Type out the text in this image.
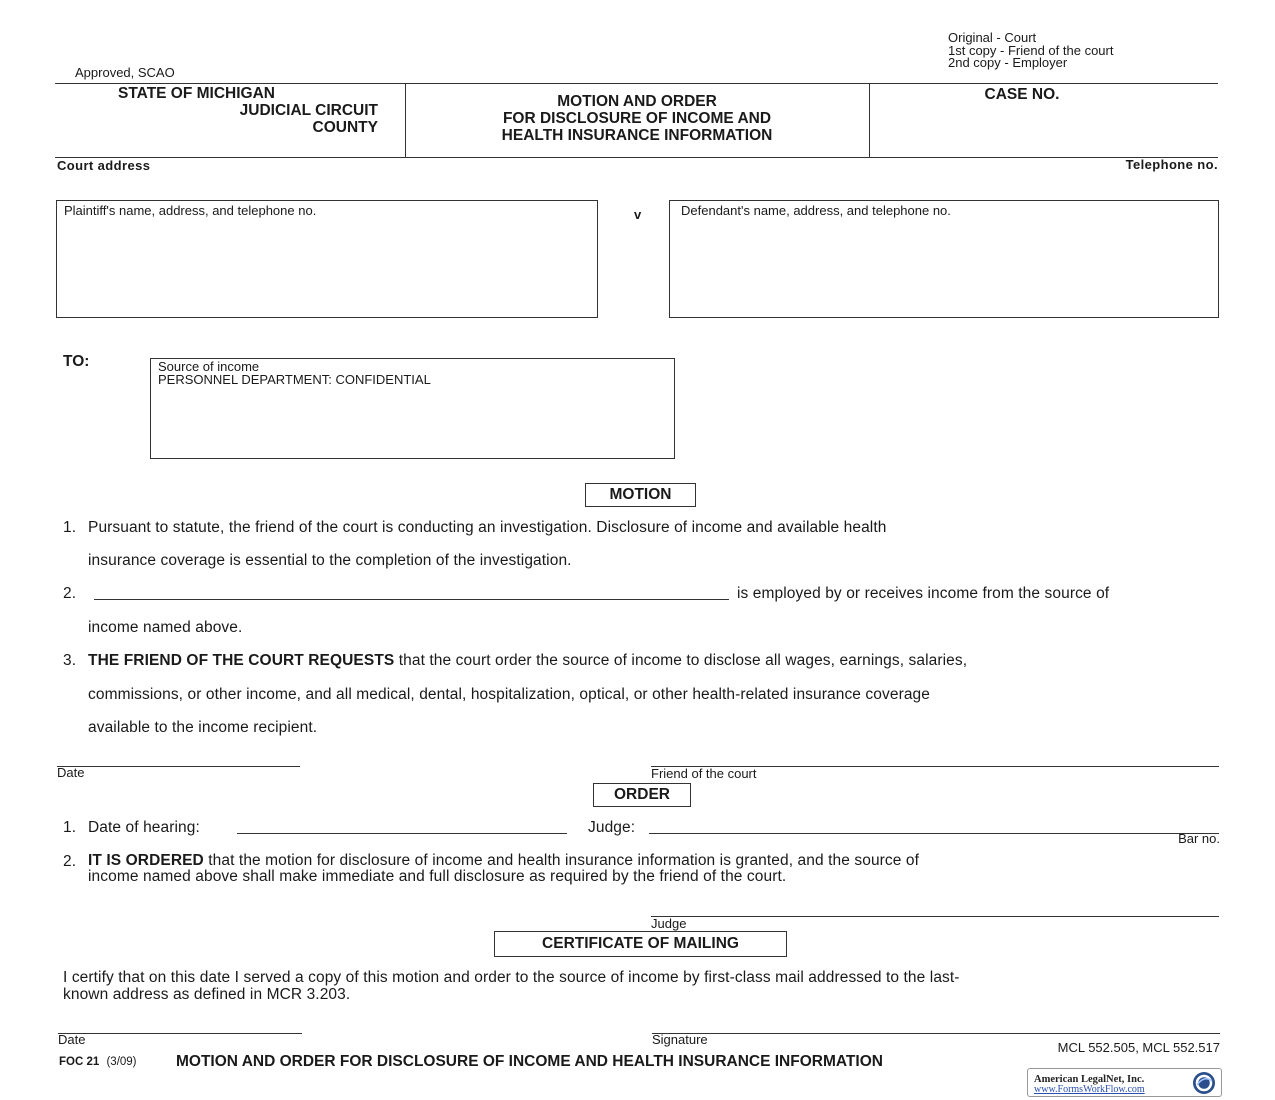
Approved, SCAO
Original - Court
1st copy - Friend of the court
2nd copy - Employer
STATE OF MICHIGAN
JUDICIAL CIRCUIT
COUNTY
MOTION AND ORDER
FOR DISCLOSURE OF INCOME AND
HEALTH INSURANCE INFORMATION
CASE NO.
Court address	Telephone no.
Plaintiff's name, address, and telephone no.	v	Defendant's name, address, and telephone no.
TO:	Source of income
PERSONNEL DEPARTMENT: CONFIDENTIAL
MOTION
1. Pursuant to statute, the friend of the court is conducting an investigation. Disclosure of income and available health
insurance coverage is essential to the completion of the investigation.
2.	is employed by or receives income from the source of
income named above.
3. THE FRIEND OF THE COURT REQUESTS that the court order the source of income to disclose all wages, earnings, salaries,
commissions, or other income, and all medical, dental, hospitalization, optical, or other health-related insurance coverage
available to the income recipient.
Date	Friend of the court
ORDER
1. Date of hearing:	Judge:
Bar no.
2. IT IS ORDERED that the motion for disclosure of income and health insurance information is granted, and the source of
income named above shall make immediate and full disclosure as required by the friend of the court.
Judge
CERTIFICATE OF MAILING
I certify that on this date I served a copy of this motion and order to the source of income by first-class mail addressed to the last-
known address as defined in MCR 3.203.
Date	Signature
MCL 552.505, MCL 552.517
FOC 21 (3/09)	MOTION AND ORDER FOR DISCLOSURE OF INCOME AND HEALTH INSURANCE INFORMATION
American LegalNet, Inc.
www.FormsWorkFlow.com
